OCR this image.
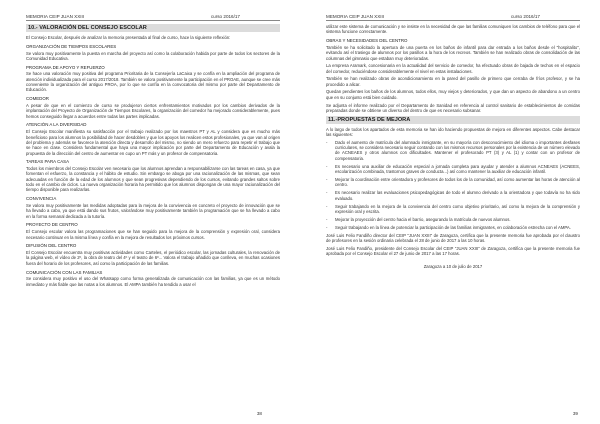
MEMORIA CEIP JUAN XXIII	curso 2016/17
10.- VALORACIÓN DEL CONSEJO ESCOLAR

El Consejo Escolar, después de analizar la memoria presentada al final de curso, hace la siguiente reflexión:

ORGANIZACIÓN DE TIEMPOS ESCOLARES

Se valora muy positivamente la puesta en marcha del proyecto así como la colaboración habida por parte de todos los sectores de la Comunidad Educativa.

PROGRAMA DE APOYO Y REFUERZO

Se hace una valoración muy positiva del programa Prioritaria de la Consejería LaCaixa y se confía en la ampliación del programa de atención individualizada para el curso 2017/2018. También se valora positivamente la participación en el PROAE, aunque se cree más conveniente la organización del antiguo PROA, por lo que se confía en la convocatoria del mismo por parte del Departamento de Educación.

COMEDOR

A pesar de que en el comienzo de curso se produjeron ciertos enfrentamientos motivados por los cambios derivados de la implantación del Proyecto de Organización de Tiempos Escolares, la organización del comedor ha mejorado considerablemente, pues hemos conseguido llegar a acuerdos entre todas las partes implicadas.

ATENCIÓN A LA DIVERSIDAD

El Consejo Escolar manifiesta su satisfacción por el trabajo realizado por los maestros PT y AL y considera que es mucho más beneficioso para los alumnos la posibilidad de hacer desdobles y que los apoyos los realicen estos profesionales, ya que van al origen del problema y además se favorece la atención directa y desarrollo del mismo, no siendo un mero refuerzo para repetir el trabajo que se hace en clase. Considera fundamental que haya una mayor implicación por parte del Departamento de Educación y avala la propuesta de la dirección del centro de aumentar en cupo un PT más y un profesor de compensatoria.

TAREAS PARA CASA

Todos los miembros del Consejo Escolar ven necesario que los alumnos aprendan a responsabilizarse con las tareas en casa, ya que fomentan el esfuerzo, la constancia y el hábito de estudio. Sin embargo se aboga por una racionalización de las mismas, que sean adecuadas en función de la edad de los alumnos y que sean progresivas dependiendo de los cursos, evitando grandes saltos sobre todo en el cambio de ciclos. La nueva organización horaria ha permitido que los alumnos dispongan de una mayor racionalización del tiempo disponible para realizarlas.

CONVIVENCIA

Se valora muy positivamente las medidas adoptadas para la mejora de la convivencia en concreto el proyecto de innovación que se ha llevado a cabo, ya que está dando sus frutos, valorándose muy positivamente también la programación que se ha llevado a cabo en la forma semanal dedicada a la tutoría.

PROYECTO DE CENTRO

El Consejo escolar valora las programaciones que se han seguido para la mejora de la comprensión y expresión oral, considera necesario continuar en la misma línea y confía en la mejora de resultados los próximos cursos.

DIFUSIÓN DEL CENTRO

El Consejo Escolar encuentra muy positivas actividades como Carteles, el periódico escolar, las jornadas culturales, la renovación de la página web, el vídeo de 2º, la obra de teatro del 4º y el teatro de 6º... Valora el trabajo añadido que conlleva, en muchas ocasiones fuera del horario de los profesores, así como la participación de las familias.

COMUNICACIÓN CON LAS FAMILIAS

Se considera muy positivo el uso del Whatsapp como forma generalizada de comunicación con las familias, ya que es un método inmediato y más fiable que las notas a los alumnos. El AMPA también ha tendido a usar el

38
MEMORIA CEIP JUAN XXIII	curso 2016/17

utilizar este sistema de comunicación y se insiste en la necesidad de que las familias comuniquen los cambios de teléfono para que el sistema funcione correctamente.

OBRAS Y NECESIDADES DEL CENTRO

También se ha solicitado la apertura de una puerta en los baños de infantil para dar entrada a los baños desde el "hospitalito", evitando así el trasiego de alumnos por los pasillos a la hora de los recreos. También se han realizado obras de consolidación de las columnas del gimnasio que estaban muy deterioradas.

La empresa Aramark, concesionaria en la actualidad del servicio de comedor, ha efectuado obras de bajada de techos en el espacio del comedor, reduciéndose considerablemente el nivel en estas instalaciones.

También se han realizado obras de acondicionamiento en la pared del pasillo de primero que cerraba de fríos profesor, y se ha procedido a alicar.

Quedan pendientes los baños de los alumnos, todos ellos, muy viejos y deteriorados, y que dan un aspecto de abandono a un centro que en su conjunto está bien cuidado.

Se adjunta el informe realizado por el Departamento de Sanidad en referencia al control sanitario de establecimientos de comidas preparadas donde se obtiene un diverso del dentro de que es necesario subsanar.

11.-PROPUESTAS DE MEJORA

A lo largo de todos los apartados de esta memoria se han ido haciendo propuestas de mejora en diferentes aspectos. Cabe destacar las siguientes:

- Dado el aumento de matrícula del alumnado inmigrante, en su mayoría con desconocimiento del idioma o importantes desfases curriculares, se considera necesario seguir contando con los mismos recursos personales por la existencia de un número elevado de ACNEAES y otros alumnos con dificultades. Mantener el profesorado PT (3) y AL (1) y contar con un profesor de compensatoria.
- Es necesario una auxiliar de educación especial a jornada completa para ayudar y atender a alumnos ACNEAES (ACNEES, escolarización combinada, trastornos graves de conducta...) así como mantener la auxiliar de educación infantil.
- Mejorar la coordinación entre orientadora y profesores de todos los de la comunidad, así como aumentar las horas de atención al centro.
- Es necesario realizar las evaluaciones psicopedagógicas de todo el alumno derivado a la orientadora y que todavía no ha sido evaluado.
- Seguir trabajando en la mejora de la convivencia del centro como objetivo prioritario, así como la mejora de la comprensión y expresión oral y escrita.
- Mejorar la proyección del centro hacia el barrio, asegurando la matrícula de nuevos alumnos.
- Seguir trabajando en la línea de potenciar la participación de las familias inmigrantes, en colaboración estrecha con el AMPA.

José Luis Felio Fandiño director del CEIP "JUAN XXIII" de Zaragoza, certifica que la presente memoria fue aprobada por el claustro de profesores en la sesión ordinaria celebrada el 28 de junio de 2017 a las 10 horas.

José Luis Felio Fandiño, presidente del Consejo Escolar del CEIP "JUAN XXIII" de Zaragoza, certifica que la presente memoria fue aprobada por el Consejo Escolar el 27 de junio de 2017 a las 17 horas.

Zaragoza a 10 de julio de 2017
39
